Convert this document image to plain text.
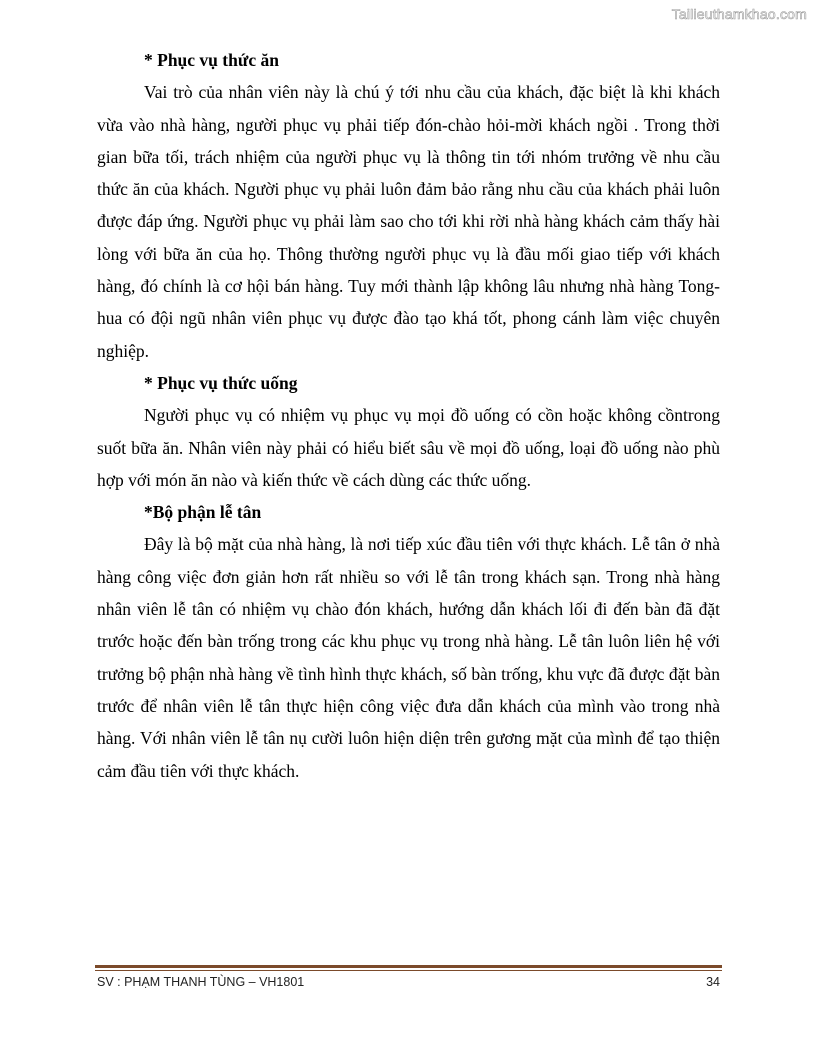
Tailieuthamkhao.com

* Phục vụ thức ăn

Vai trò của nhân viên này là chú ý tới nhu cầu của khách, đặc biệt là khi khách vừa vào nhà hàng, người phục vụ phải tiếp đón-chào hỏi-mời khách ngồi . Trong thời gian bữa tối, trách nhiệm của người phục vụ là thông tin tới nhóm trưởng về nhu cầu thức ăn của khách. Người phục vụ phải luôn đảm bảo rằng nhu cầu của khách phải luôn được đáp ứng. Người phục vụ phải làm sao cho tới khi rời nhà hàng khách cảm thấy hài lòng với bữa ăn của họ. Thông thường người phục vụ là đầu mối giao tiếp với khách hàng, đó chính là cơ hội bán hàng. Tuy mới thành lập không lâu nhưng nhà hàng Tong-hua có đội ngũ nhân viên phục vụ được đào tạo khá tốt, phong cánh làm việc chuyên nghiệp.

* Phục vụ thức uống

Người phục vụ có nhiệm vụ phục vụ mọi đồ uống có cồn hoặc không cồntrong suốt bữa ăn. Nhân viên này phải có hiểu biết sâu về mọi đồ uống, loại đồ uống nào phù hợp với món ăn nào và kiến thức về cách dùng các thức uống.

*Bộ phận lễ tân

Đây là bộ mặt của nhà hàng, là nơi tiếp xúc đầu tiên với thực khách. Lễ tân ở nhà hàng công việc đơn giản hơn rất nhiều so với lễ tân trong khách sạn. Trong nhà hàng nhân viên lễ tân có nhiệm vụ chào đón khách, hướng dẫn khách lối đi đến bàn đã đặt trước hoặc đến bàn trống trong các khu phục vụ trong nhà hàng. Lễ tân luôn liên hệ với trưởng bộ phận nhà hàng về tình hình thực khách, số bàn trống, khu vực đã được đặt bàn trước để nhân viên lễ tân thực hiện công việc đưa dẫn khách của mình vào trong nhà hàng. Với nhân viên lễ tân nụ cười luôn hiện diện trên gương mặt của mình để tạo thiện cảm đầu tiên với thực khách.

SV : PHẠM THANH TÙNG – VH1801	34
